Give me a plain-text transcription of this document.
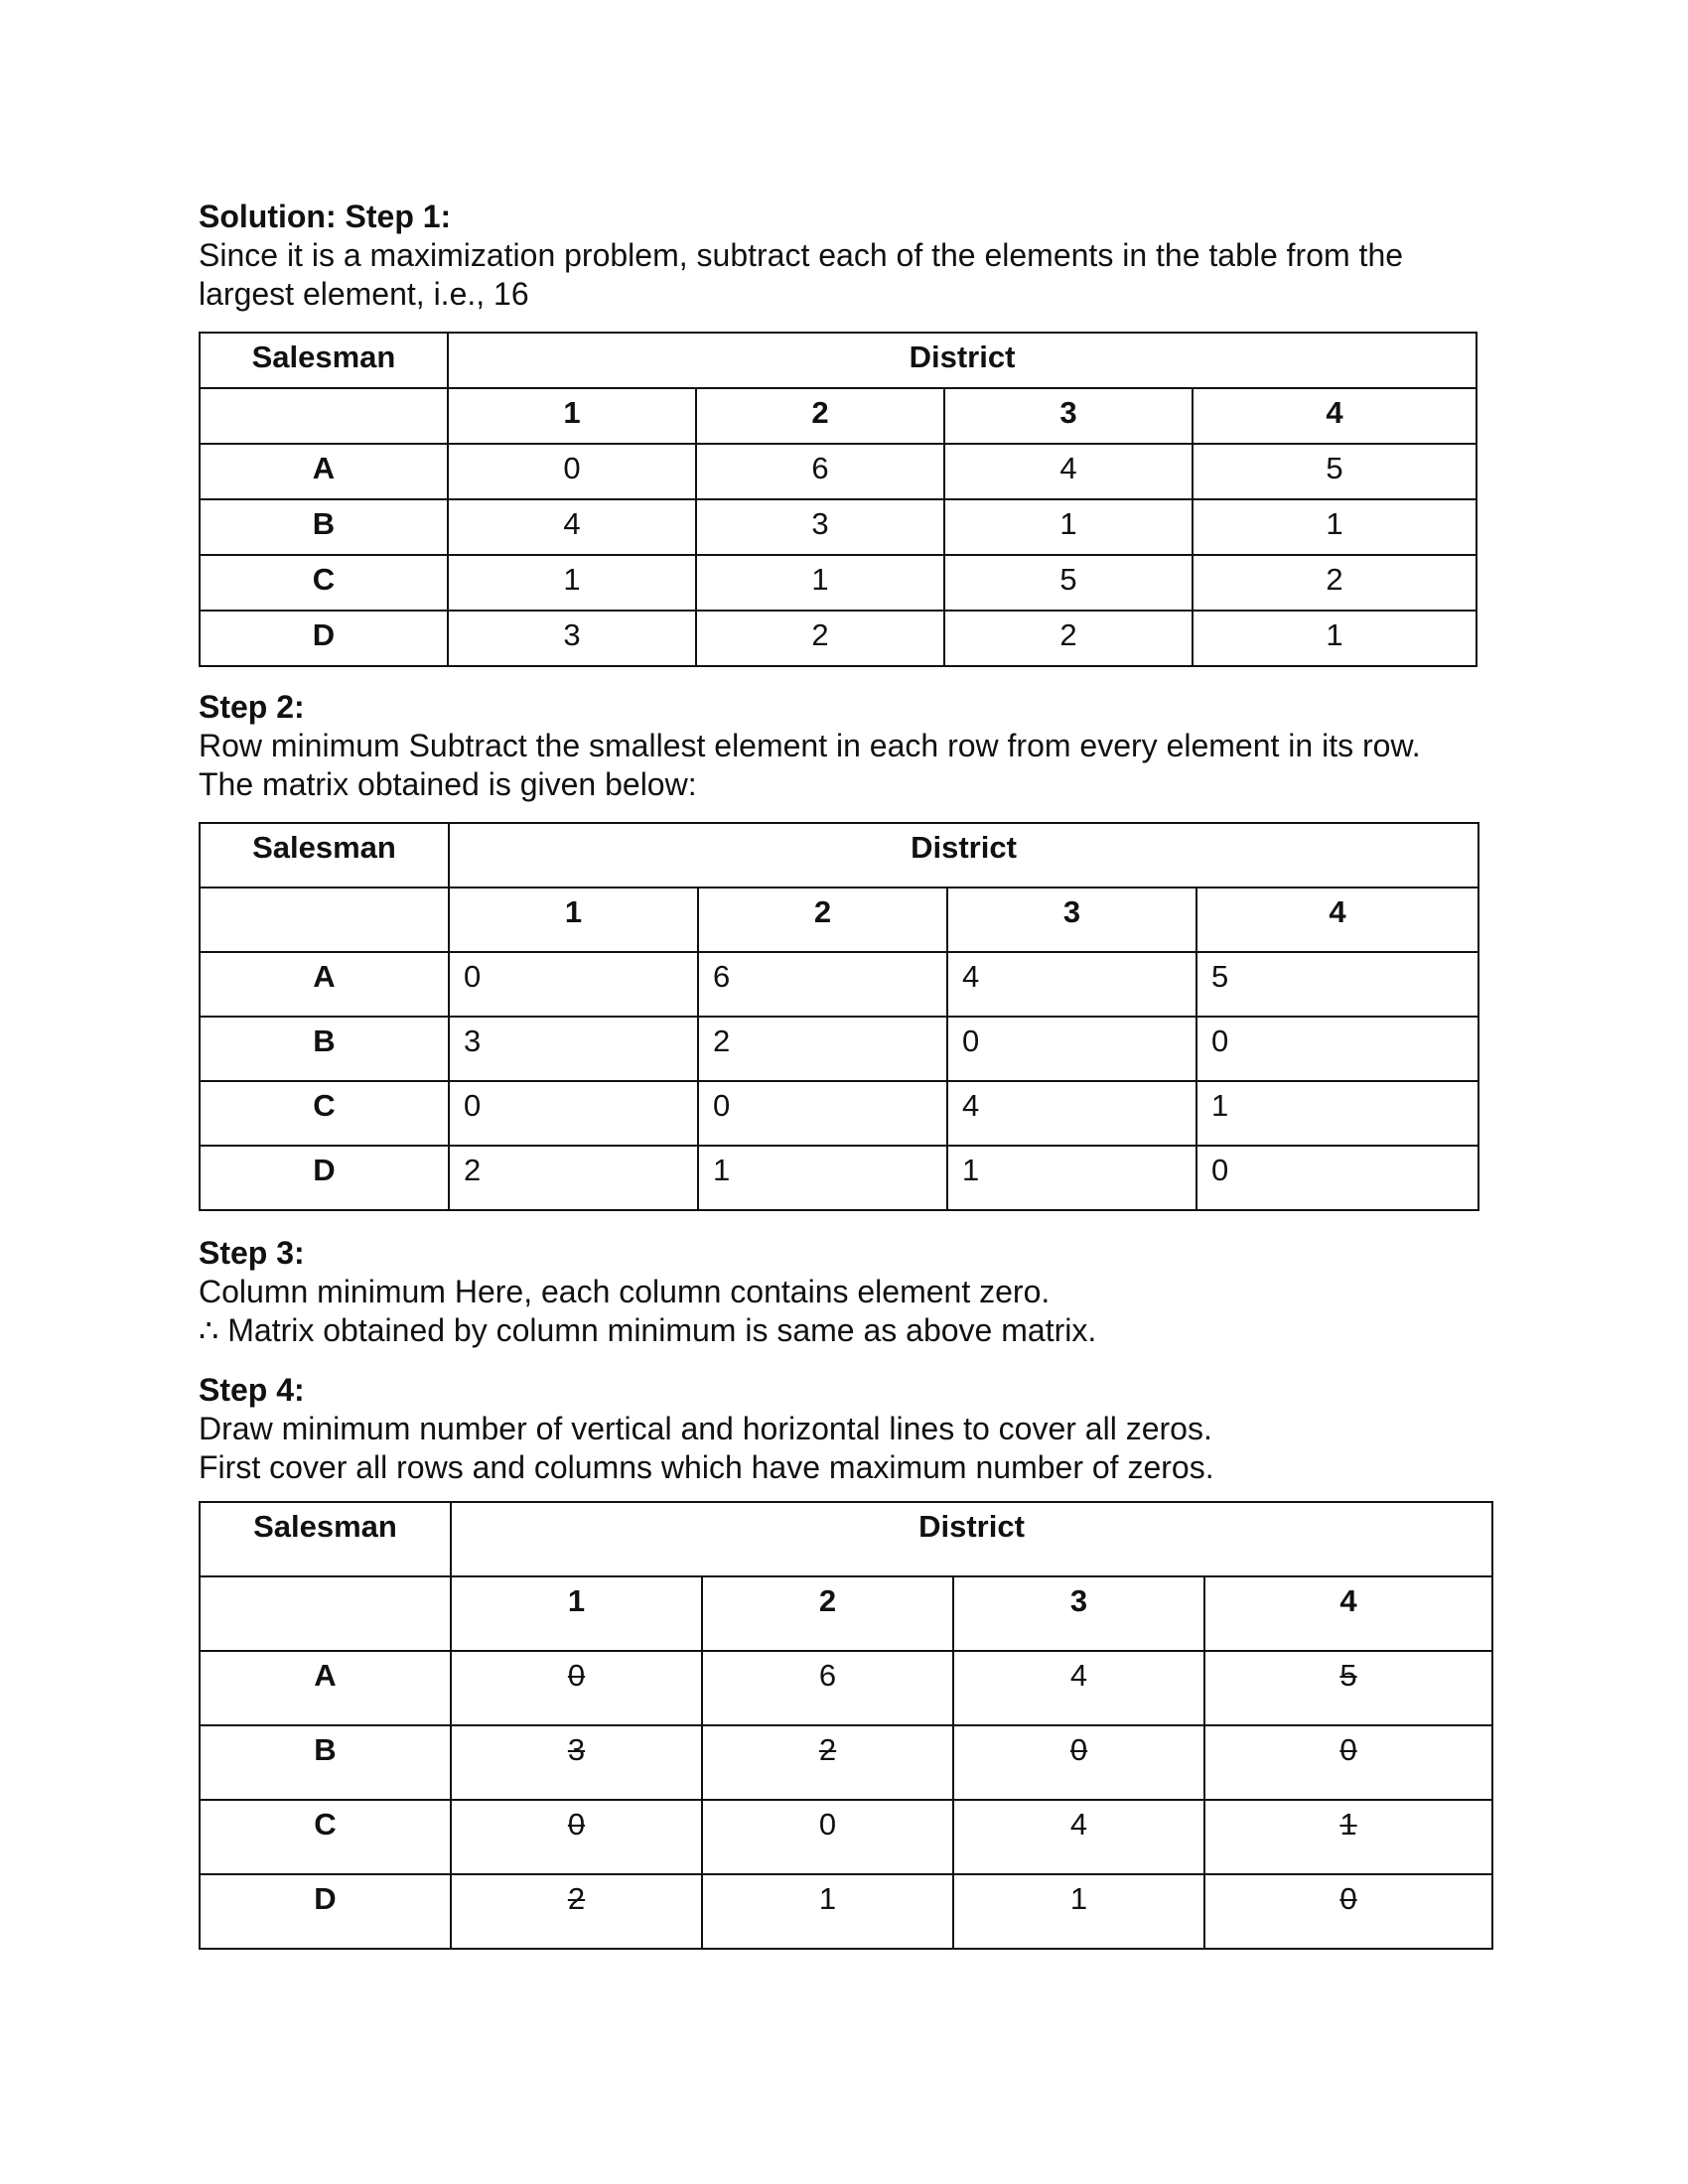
Solution: Step 1:

Since it is a maximization problem, subtract each of the elements in the table from the

largest element, i.e., 16

Salesman	District			
	1	2	3	4
A	0	6	4	5
B	4	3	1	1
C	1	1	5	2
D	3	2	2	1

Step 2:

Row minimum Subtract the smallest element in each row from every element in its row.

The matrix obtained is given below:

Salesman	District			
	1	2	3	4
A	0	6	4	5
B	3	2	0	0
C	0	0	4	1
D	2	1	1	0

Step 3:

Column minimum Here, each column contains element zero.

∴ Matrix obtained by column minimum is same as above matrix.

Step 4:

Draw minimum number of vertical and horizontal lines to cover all zeros.

First cover all rows and columns which have maximum number of zeros.

Salesman	District			
	1	2	3	4
A	0	6	4	5
B	3	2	0	0
C	0	0	4	1
D	2	1	1	0
